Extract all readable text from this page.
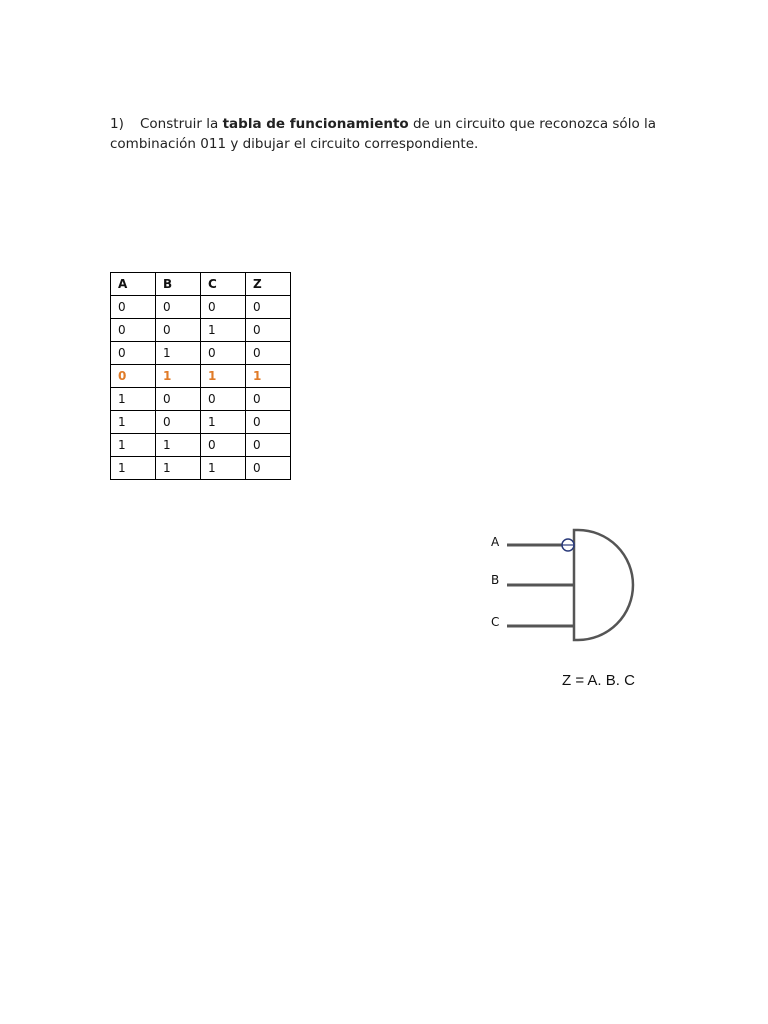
1) Construir la tabla de funcionamiento de un circuito que reconozca sólo la combinación 011 y dibujar el circuito correspondiente.
A	B	C	Z
0	0	0	0
0	0	1	0
0	1	0	0
0	1	1	1
1	0	0	0
1	0	1	0
1	1	0	0
1	1	1	0
A
B
C
Z = A. B. C
